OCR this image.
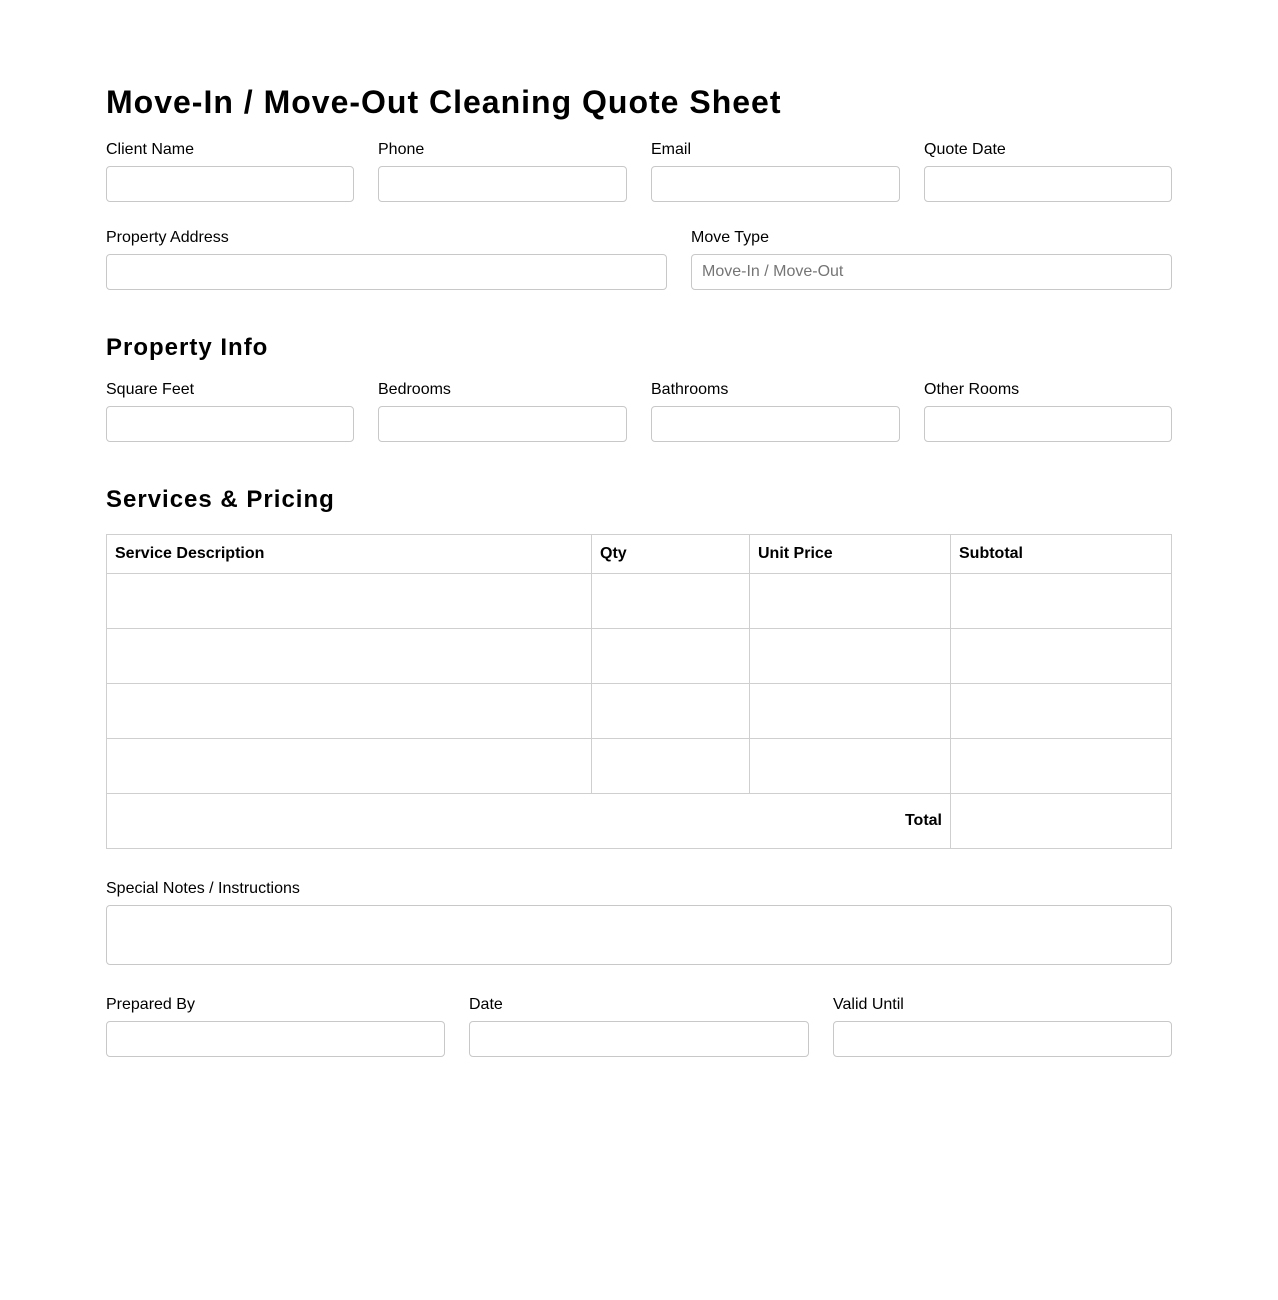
Move-In / Move-Out Cleaning Quote Sheet
Client Name	Phone	Email	Quote Date
Property Address	Move Type
Move-In / Move-Out
Property Info
Square Feet	Bedrooms	Bathrooms	Other Rooms
Services & Pricing
Service Description	Qty	Unit Price	Subtotal

Total			
Special Notes / Instructions
Prepared By	Date	Valid Until
